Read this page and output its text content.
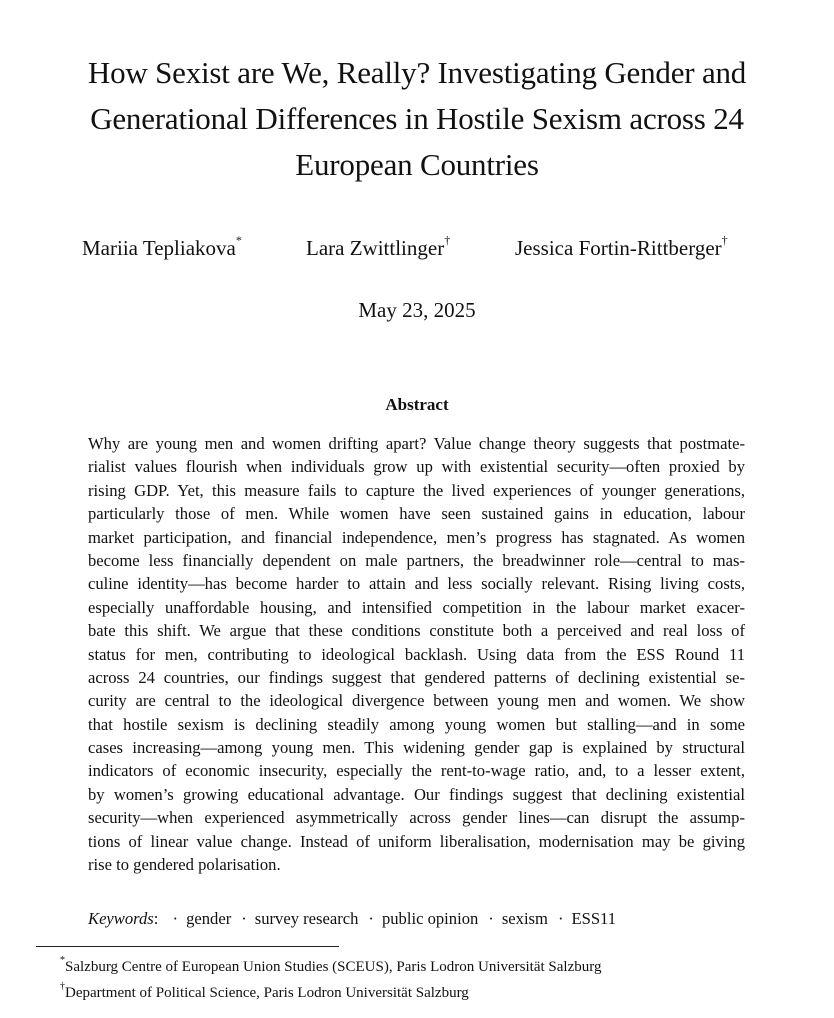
How Sexist are We, Really? Investigating Gender and
Generational Differences in Hostile Sexism across 24
European Countries
Mariia Tepliakova*	Lara Zwittlinger†	Jessica Fortin-Rittberger†
May 23, 2025
Abstract
Why are young men and women drifting apart? Value change theory suggests that postmate-
rialist values flourish when individuals grow up with existential security—often proxied by
rising GDP. Yet, this measure fails to capture the lived experiences of younger generations,
particularly those of men. While women have seen sustained gains in education, labour
market participation, and financial independence, men’s progress has stagnated. As women
become less financially dependent on male partners, the breadwinner role—central to mas-
culine identity—has become harder to attain and less socially relevant. Rising living costs,
especially unaffordable housing, and intensified competition in the labour market exacer-
bate this shift. We argue that these conditions constitute both a perceived and real loss of
status for men, contributing to ideological backlash. Using data from the ESS Round 11
across 24 countries, our findings suggest that gendered patterns of declining existential se-
curity are central to the ideological divergence between young men and women. We show
that hostile sexism is declining steadily among young women but stalling—and in some
cases increasing—among young men. This widening gender gap is explained by structural
indicators of economic insecurity, especially the rent-to-wage ratio, and, to a lesser extent,
by women’s growing educational advantage. Our findings suggest that declining existential
security—when experienced asymmetrically across gender lines—can disrupt the assump-
tions of linear value change. Instead of uniform liberalisation, modernisation may be giving
rise to gendered polarisation.
Keywords: · gender · survey research · public opinion · sexism · ESS11
*Salzburg Centre of European Union Studies (SCEUS), Paris Lodron Universität Salzburg
†Department of Political Science, Paris Lodron Universität Salzburg
